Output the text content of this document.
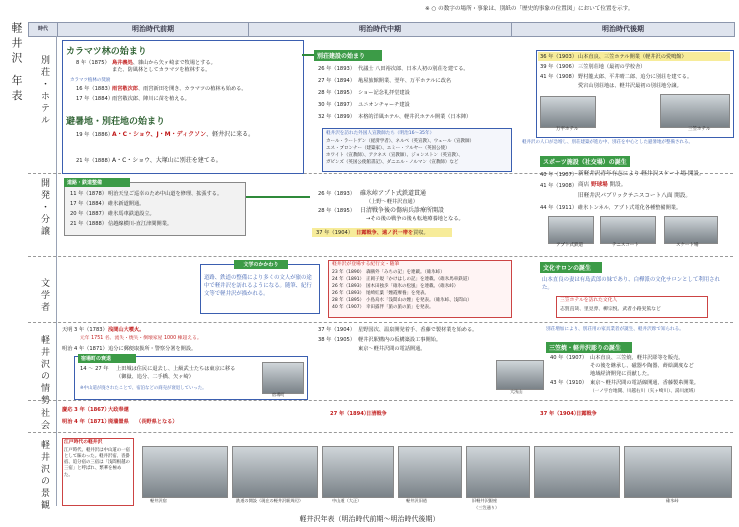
※ ○ の数字の場所・事象は、別紙の「歴史的事象の位置図」において位置を示す。
軽井沢 年表	時代	明治時代前期	明治時代中期	明治時代後期
別荘・ホテル
開発・分譲
文学者
軽井沢の情勢
社会
軽井沢の景観
カラマツ林の始まり
8 年（1875） 鳥井義処、雜山から矢ヶ崎まで牧場とする。
また、防風林としてカラマツを植林する。
カラマツ植林の奨励
16 年（1883）
雨宮敬次郎、雨宮新田を開き、カラマツの植林も始める。
17 年（1884）
雨宮敬次郎、陣川に苗を植える。
避暑地・別荘地の始まり
19 年（1886）
A・C・ショウ、J・M・ディクソン、軽井沢に来る。
21 年（1888）
A・C・ショウ、大塚山に別荘を建てる。
別荘建設の始まり
26 年（1893） 代議士 八田裕次郎、日本人初の別荘を建てる。
27 年（1894） 亀屋旅館開業、翌年、万平ホテルに改名
28 年（1895） ショー記念礼拝堂建設
30 年（1897） ユニオンチャーチ建設
32 年（1899） 本格的洋風ホテル、軽井沢ホテル開業（日本陣）
軽井沢を訪れた外国人宣教師たち（明治16～35年）
カール・ラートゲン（経済学者）、ネルベ（英宣教）、ウェール（宣教師）
エス・ブロンナー（建築家）、エミー・フルヤー（英国公使）
ホワイト（宣教師）、アクネス（宣教師）、ジョンストン（英宣教）、
ガビンズ（英国公使館書記）、ダニエル・ノルマン（宣教師）など
36 年（1903） 山本直良、三笠ホテル開業（軽井沢の愛鳴館）
39 年（1906） 三笠別荘地（最初の学校舎）
41 年（1908） 野村龍太郎、平井晴二郎、追分に別荘を建てる。
愛宕山別荘地は、軽井沢最初の別荘地分譲。
万平ホテル	三笠ホテル
軽井沢の人口が急増し、別荘建築が進む中、別荘を中心とした避暑地が整備される。
道路・鉄道整備
11 年（1878） 明治天皇ご巡幸のため中山道を修理、拡張する。
17 年（1884） 碓氷新道開通。
20 年（1887） 碓氷馬車鉄道設立。
21 年（1888） 信越線横川-直江津間開業。
26 年（1893） 碓氷峠アプト式鉄道貫通
（上野～軽井沢直通）
28 年（1895） 日清戦争後の傷病兵診療所開設
→その後の戦争の後も転地療養地となる。
37 年（1904） 日露戦争、遠ノ沢一帯を買収。
スポーツ施設（社交場）の誕生
40 年（1907） 新軽井沢青年有志により 軽井沢スケート場 開設。
41 年（1908） 商店 野球場 開設。
旧軽井沢パブリックテニスコート八面 開設。
44 年（1911） 碓氷トンネル、アプト式電化各種整備開業。
アプト式鉄道	テニスコート	スケート場
文学のかかわり
道路、鉄道の整備により多くの文人が旅の途中で軽井沢を訪れるようになる。随筆、紀行文等で軽井沢が描かれる。
軽井沢が登場する紀行文・随筆
23 年（1890） 森鷗外「みちの記」を連載。（碓氷峠）
24 年（1891） 正岡子規「かけはしの記」を連載。（碓氷馬車鉄道）
26 年（1893） 国木田独歩「碓氷の松風」を連載。（碓氷峠）
26 年（1893） 尾崎紅葉「煙霞療養」を発表。
28 年（1895） 小島烏水「浅間山の煙」を発表。（碓氷峠、浅間山）
40 年（1907） 幸田露伴「旅の旅の旅」を発表。
文化サロンの誕生
山本直良の妻は有島武郎の妹であり、白樺派の文化サロンとして利用された。
三笠ホテルを訪れた文化人
志賀直哉、里見弴、柳宗悦、武者小路実篤など
天明 3 年（1783） 浅間山大噴火。
元年 1751 名、流失・焼失・倒壊家屋 1000 棟超える。
明治 4 年（1871） 追分に郵便取扱所・警察分署を開設。
宿場町の衰退
14 ～ 27 年 上田城は住民に退去し、上級武士たちは東京に移る
（御嶽、追分、二手橋、矢ヶ崎）
※中山道が廃されたことで、宿泊などの商売が衰退していった。
宿場町
37 年（1904） 星野国次、温泉開発着手、香藤で製材業を始める。
38 年（1905） 軽井沢駅構内の仮構築設工事開始。
東京～軽井沢間の電話開通。
別荘増加により、別荘用の家具業者が誕生、軽井沢彫で知られる。
三笠焼・軽井沢彫りの誕生
40 年（1907） 山本直良、三笠焼、軽井沢彫等を販売。
その後を継承し、磁器や陶器、蒔絵調度など
地域経済開発に貢献した。
43 年（1910） 東京～軽井沢間の電話線開通、香藤製糸開業。
（一ノ宇台地開、川越右川（矢ヶ崎川）、湯川流域）
大浅山
慶応 3 年（1867）
大政奉還
明治 4 年（1871）
廃藩置県 （長野県となる）
27 年（1894）
日清戦争	37 年（1904）
日露戦争
江戸時代の軽井沢
江戸時代、軽井沢は中山道の一宿として賑わった。軽井沢宿、沓掛宿、追分宿の三宿は「浅間根越の三宿」と呼ばれ、繁華を極めた。
軽井沢宿	鉄道の開設（現在の軽井沢駅周辺）	中山道（大正）	軽井沢旧道	旧軽井沢銀座
（三笠通り）
碓氷峠
軽井沢年表（明治時代前期～明治時代後期）
